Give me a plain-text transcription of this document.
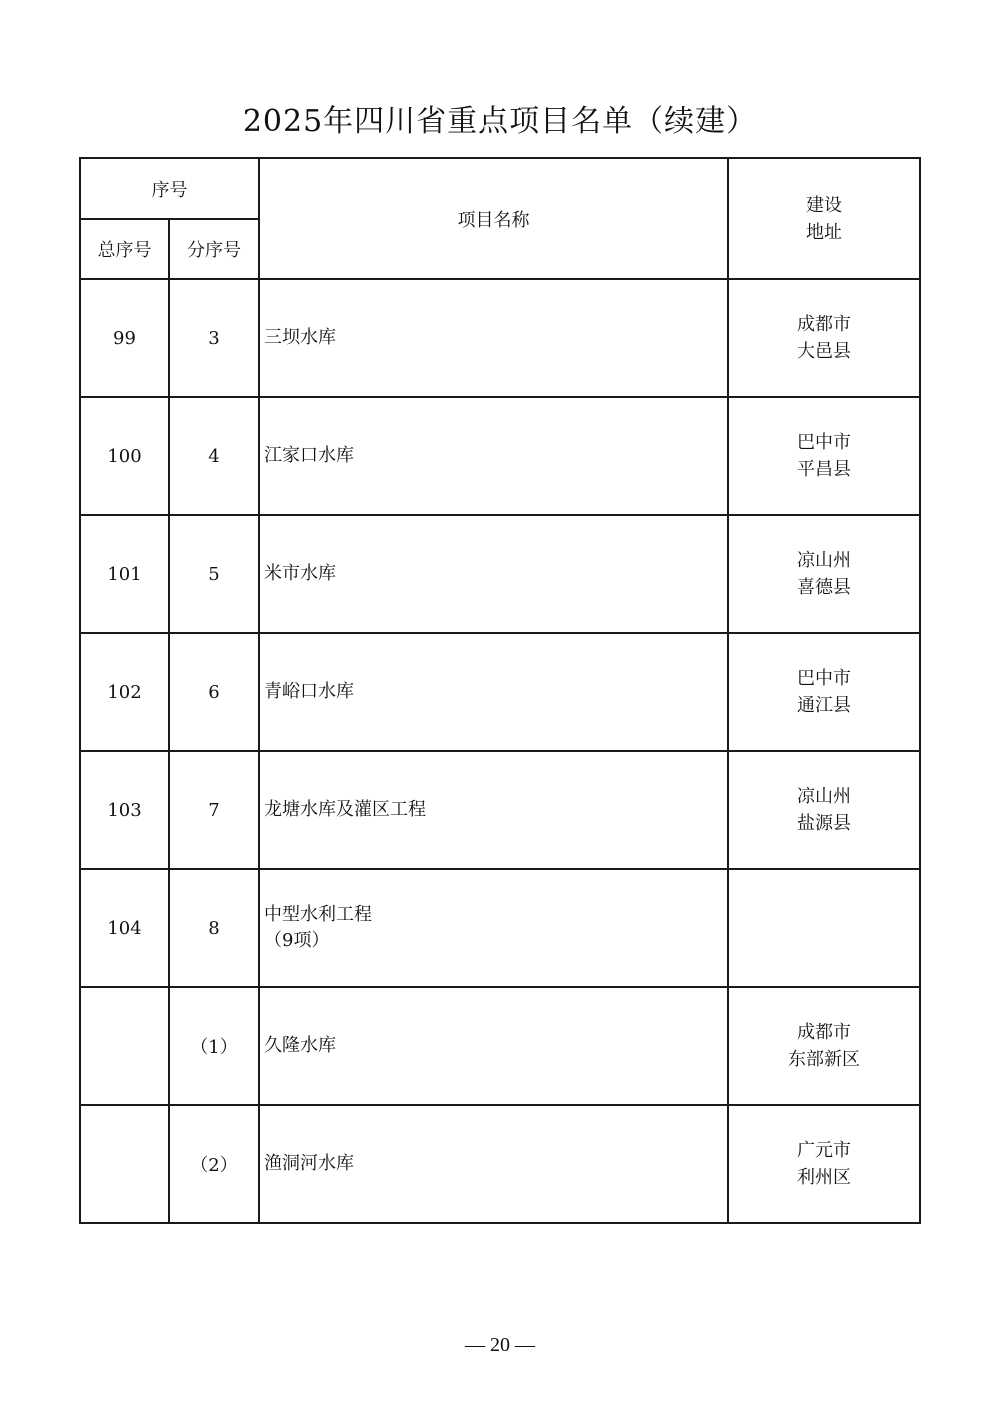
2025年四川省重点项目名单（续建）
序号		项目名称	建设
地址

总序号	分序号		
99	3	三坝水库	成都市
大邑县

100	4	江家口水库	巴中市
平昌县

101	5	米市水库	凉山州
喜德县

102	6	青峪口水库	巴中市
通江县

103	7	龙塘水库及灌区工程	凉山州
盐源县

104	8	中型水利工程
（9项）	

	（1）	久隆水库	成都市
东部新区

	（2）	渔洞河水库	广元市
利州区
— 20 —
